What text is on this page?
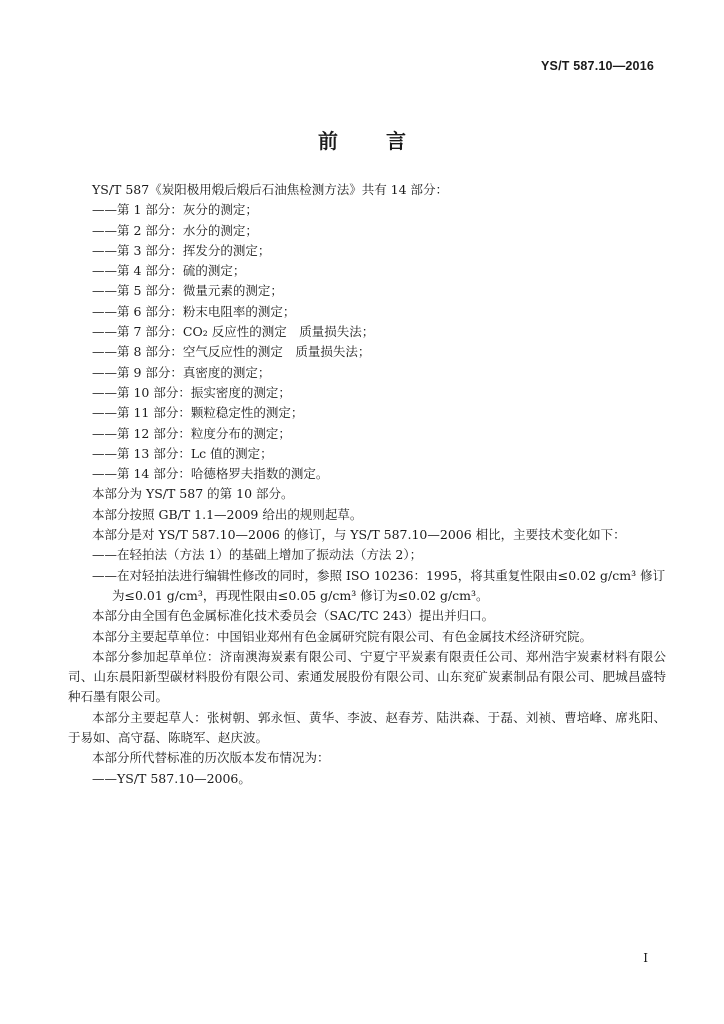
YS/T 587.10—2016
前 言
YS/T 587《炭阳极用煅后煅后石油焦检测方法》共有 14 部分：
——第 1 部分：灰分的测定；
——第 2 部分：水分的测定；
——第 3 部分：挥发分的测定；
——第 4 部分：硫的测定；
——第 5 部分：微量元素的测定；
——第 6 部分：粉末电阻率的测定；
——第 7 部分：CO₂ 反应性的测定　质量损失法；
——第 8 部分：空气反应性的测定　质量损失法；
——第 9 部分：真密度的测定；
——第 10 部分：振实密度的测定；
——第 11 部分：颗粒稳定性的测定；
——第 12 部分：粒度分布的测定；
——第 13 部分：Lc 值的测定；
——第 14 部分：哈德格罗夫指数的测定。
本部分为 YS/T 587 的第 10 部分。
本部分按照 GB/T 1.1—2009 给出的规则起草。
本部分是对 YS/T 587.10—2006 的修订，与 YS/T 587.10—2006 相比，主要技术变化如下：
——在轻拍法（方法 1）的基础上增加了振动法（方法 2）；
——在对轻拍法进行编辑性修改的同时，参照 ISO 10236：1995，将其重复性限由≤0.02 g/cm³ 修订
为≤0.01 g/cm³，再现性限由≤0.05 g/cm³ 修订为≤0.02 g/cm³。
本部分由全国有色金属标准化技术委员会（SAC/TC 243）提出并归口。
本部分主要起草单位：中国铝业郑州有色金属研究院有限公司、有色金属技术经济研究院。
本部分参加起草单位：济南澳海炭素有限公司、宁夏宁平炭素有限责任公司、郑州浩宇炭素材料有限公司、山东晨阳新型碳材料股份有限公司、索通发展股份有限公司、山东兖矿炭素制品有限公司、肥城昌盛特种石墨有限公司。
本部分主要起草人：张树朝、郭永恒、黄华、李波、赵春芳、陆洪森、于磊、刘祯、曹培峰、席兆阳、于易如、高守磊、陈晓军、赵庆波。
本部分所代替标准的历次版本发布情况为：
——YS/T 587.10—2006。
I
